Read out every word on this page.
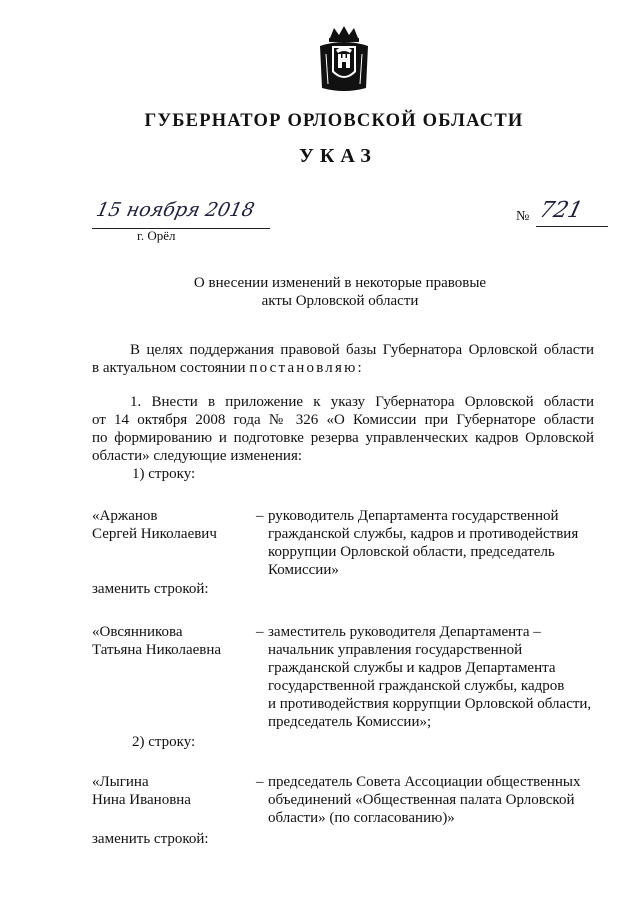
ГУБЕРНАТОР ОРЛОВСКОЙ ОБЛАСТИ
УКАЗ
15 ноября 2018
г. Орёл
№ 721
О внесении изменений в некоторые правовые
акты Орловской области
В целях поддержания правовой базы Губернатора Орловской области
в актуальном состоянии постановляю:
1. Внести в приложение к указу Губернатора Орловской области
от 14 октября 2008 года № 326 «О Комиссии при Губернаторе области
по формированию и подготовке резерва управленческих кадров Орловской
области» следующие изменения:
1) строку:
«Аржанов
Сергей Николаевич
– руководитель Департамента государственной
гражданской службы, кадров и противодействия
коррупции Орловской области, председатель
Комиссии»
заменить строкой:
«Овсянникова
Татьяна Николаевна
– заместитель руководителя Департамента –
начальник управления государственной
гражданской службы и кадров Департамента
государственной гражданской службы, кадров
и противодействия коррупции Орловской области,
председатель Комиссии»;
2) строку:
«Лыгина
Нина Ивановна
– председатель Совета Ассоциации общественных
объединений «Общественная палата Орловской
области» (по согласованию)»
заменить строкой:
